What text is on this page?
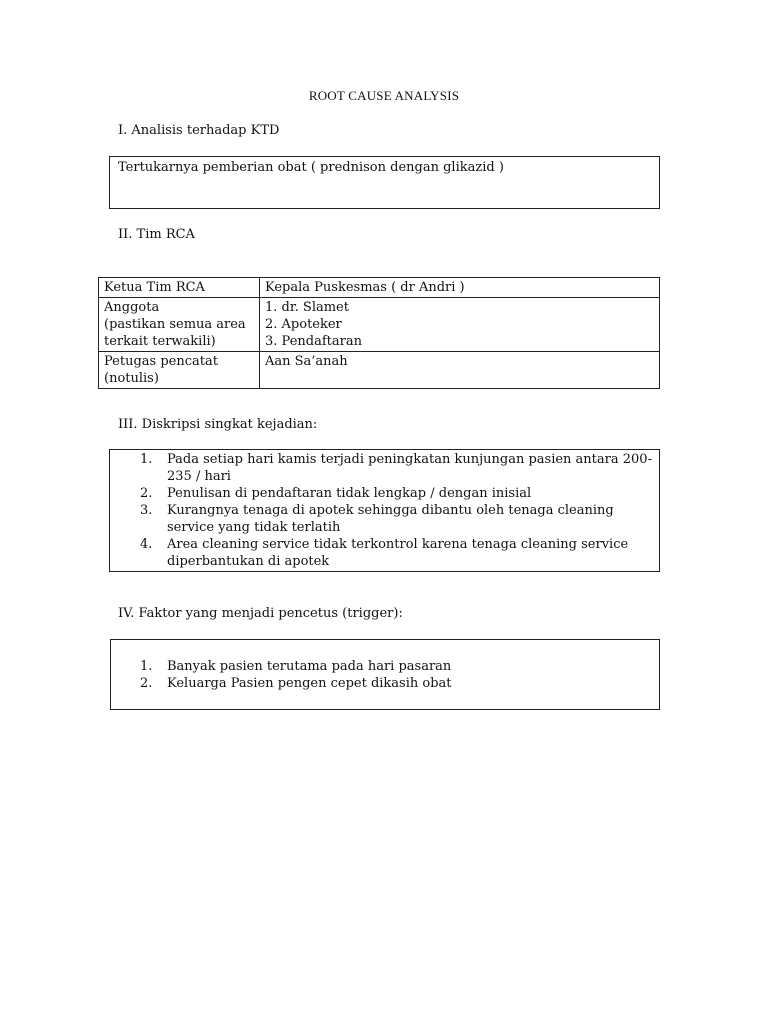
ROOT CAUSE ANALYSIS
I. Analisis terhadap KTD
Tertukarnya pemberian obat ( prednison dengan glikazid )
II. Tim RCA
Ketua Tim RCA	Kepala Puskesmas ( dr Andri )

Anggota
(pastikan semua area
terkait terwakili)	1. dr. Slamet
2. Apoteker
3. Pendaftaran

Petugas pencatat
(notulis)	Aan Sa’anah
III. Diskripsi singkat kejadian:
1. Pada setiap hari kamis terjadi peningkatan kunjungan pasien antara 200-
235 / hari
2. Penulisan di pendaftaran tidak lengkap / dengan inisial
3. Kurangnya tenaga di apotek sehingga dibantu oleh tenaga cleaning
service yang tidak terlatih
4. Area cleaning service tidak terkontrol karena tenaga cleaning service
diperbantukan di apotek
IV. Faktor yang menjadi pencetus (trigger):
1. Banyak pasien terutama pada hari pasaran
2. Keluarga Pasien pengen cepet dikasih obat
